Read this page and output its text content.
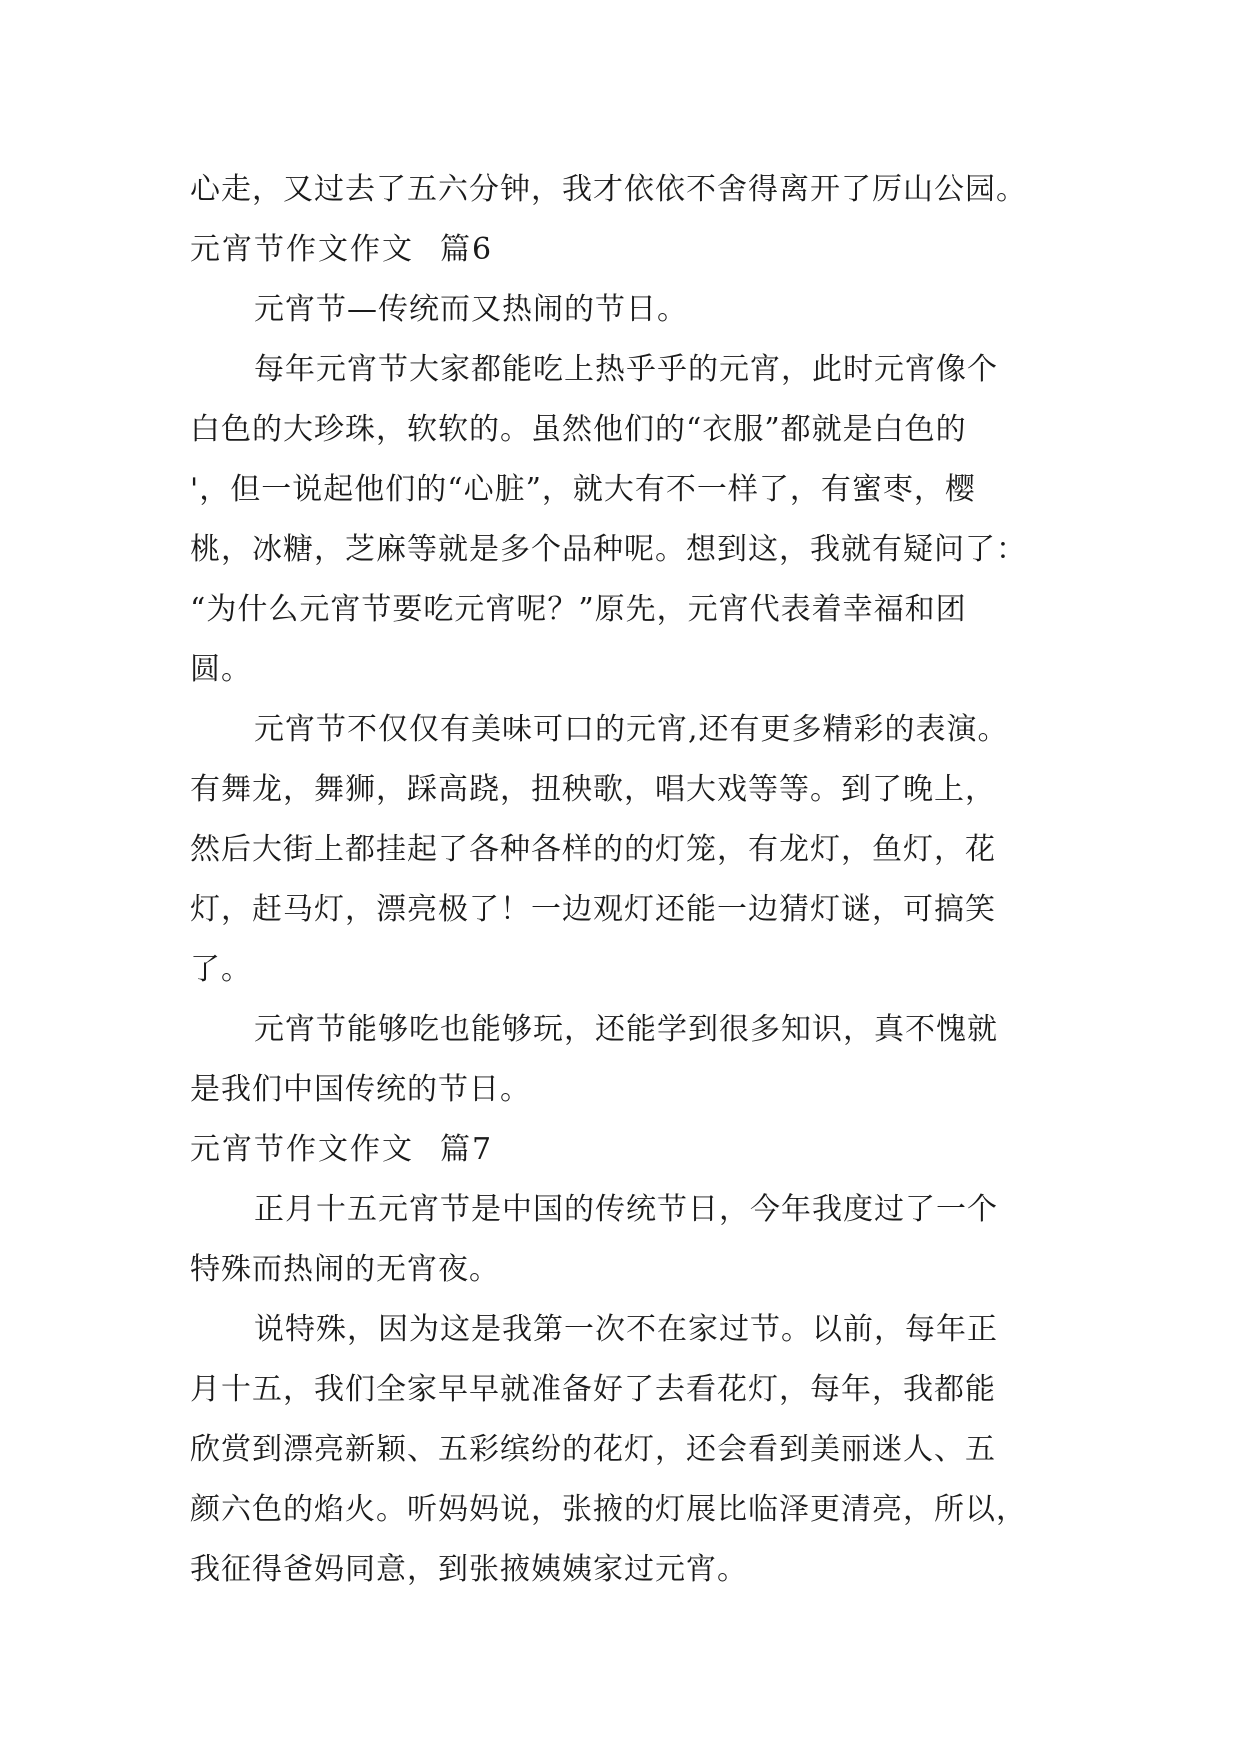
心走，又过去了五六分钟，我才依依不舍得离开了厉山公园。

元宵节作文作文 篇6

元宵节—传统而又热闹的节日。

每年元宵节大家都能吃上热乎乎的元宵，此时元宵像个

白色的大珍珠，软软的。虽然他们的“衣服”都就是白色的

'，但一说起他们的“心脏”，就大有不一样了，有蜜枣，樱

桃，冰糖，芝麻等就是多个品种呢。想到这，我就有疑问了：

“为什么元宵节要吃元宵呢？”原先，元宵代表着幸福和团

圆。

元宵节不仅仅有美味可口的元宵,还有更多精彩的表演。

有舞龙，舞狮，踩高跷，扭秧歌，唱大戏等等。到了晚上，

然后大街上都挂起了各种各样的的灯笼，有龙灯，鱼灯，花

灯，赶马灯，漂亮极了！一边观灯还能一边猜灯谜，可搞笑

了。

元宵节能够吃也能够玩，还能学到很多知识，真不愧就

是我们中国传统的节日。

元宵节作文作文 篇7

正月十五元宵节是中国的传统节日，今年我度过了一个

特殊而热闹的无宵夜。

说特殊，因为这是我第一次不在家过节。以前，每年正

月十五，我们全家早早就准备好了去看花灯，每年，我都能

欣赏到漂亮新颖、五彩缤纷的花灯，还会看到美丽迷人、五

颜六色的焰火。听妈妈说，张掖的灯展比临泽更清亮，所以，

我征得爸妈同意，到张掖姨姨家过元宵。
